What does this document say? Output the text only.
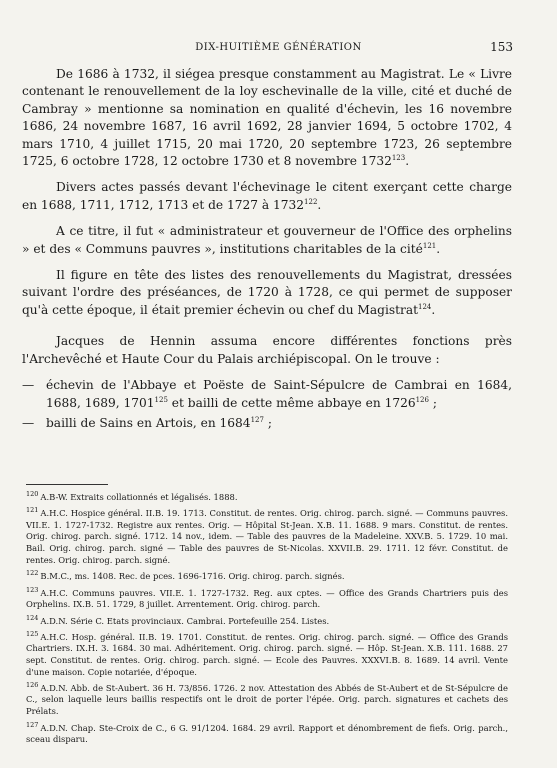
DIX-HUITIÈME GÉNÉRATION	153

De 1686 à 1732, il siégea presque constamment au Magistrat. Le « Livre contenant le renouvellement de la loy eschevinalle de la ville, cité et duché de Cambray » mentionne sa nomination en qualité d'échevin, les 16 novembre 1686, 24 novembre 1687, 16 avril 1692, 28 janvier 1694, 5 octobre 1702, 4 mars 1710, 4 juillet 1715, 20 mai 1720, 20 septembre 1723, 26 septembre 1725, 6 octobre 1728, 12 octobre 1730 et 8 novembre 1732$^{123}$.

Divers actes passés devant l'échevinage le citent exerçant cette charge en 1688, 1711, 1712, 1713 et de 1727 à 1732$^{122}$.

A ce titre, il fut « administrateur et gouverneur de l'Office des orphelins » et des « Communs pauvres », institutions charitables de la cité$^{121}$.

Il figure en tête des listes des renouvellements du Magistrat, dressées suivant l'ordre des préséances, de 1720 à 1728, ce qui permet de supposer qu'à cette époque, il était premier échevin ou chef du Magistrat$^{124}$.

Jacques de Hennin assuma encore différentes fonctions près l'Archevêché et Haute Cour du Palais archiépiscopal. On le trouve :

— échevin de l'Abbaye et Poëste de Saint-Sépulcre de Cambrai en 1684, 1688, 1689, 1701$^{125}$ et bailli de cette même abbaye en 1726$^{126}$ ;
— bailli de Sains en Artois, en 1684$^{127}$ ;
$^{120}$ A.B-W. Extraits collationnés et légalisés. 1888.
$^{121}$ A.H.C. Hospice général. II.B. 19. 1713. Constitut. de rentes. Orig. chirog. parch. signé. — Communs pauvres. VII.E. 1. 1727-1732. Registre aux rentes. Orig. — Hôpital St-Jean. X.B. 11. 1688. 9 mars. Constitut. de rentes. Orig. chirog. parch. signé. 1712. 14 nov., idem. — Table des pauvres de la Madeleine. XXV.B. 5. 1729. 10 mai. Bail. Orig. chirog. parch. signé — Table des pauvres de St-Nicolas. XXVII.B. 29. 1711. 12 févr. Constitut. de rentes. Orig. chirog. parch. signé.
$^{122}$ B.M.C., ms. 1408. Rec. de pces. 1696-1716. Orig. chirog. parch. signés.
$^{123}$ A.H.C. Communs pauvres. VII.E. 1. 1727-1732. Reg. aux cptes. — Office des Grands Chartriers puis des Orphelins. IX.B. 51. 1729, 8 juillet. Arrentement. Orig. chirog. parch.
$^{124}$ A.D.N. Série C. Etats provinciaux. Cambrai. Portefeuille 254. Listes.
$^{125}$ A.H.C. Hosp. général. II.B. 19. 1701. Constitut. de rentes. Orig. chirog. parch. signé. — Office des Grands Chartriers. IX.H. 3. 1684. 30 mai. Adhéritement. Orig. chirog. parch. signé. — Hôp. St-Jean. X.B. 111. 1688. 27 sept. Constitut. de rentes. Orig. chirog. parch. signé. — Ecole des Pauvres. XXXVI.B. 8. 1689. 14 avril. Vente d'une maison. Copie notariée, d'époque.
$^{126}$ A.D.N. Abb. de St-Aubert. 36 H. 73/856. 1726. 2 nov. Attestation des Abbés de St-Aubert et de St-Sépulcre de C., selon laquelle leurs baillis respectifs ont le droit de porter l'épée. Orig. parch. signatures et cachets des Prélats.
$^{127}$ A.D.N. Chap. Ste-Croix de C., 6 G. 91/1204. 1684. 29 avril. Rapport et dénombrement de fiefs. Orig. parch., sceau disparu.
